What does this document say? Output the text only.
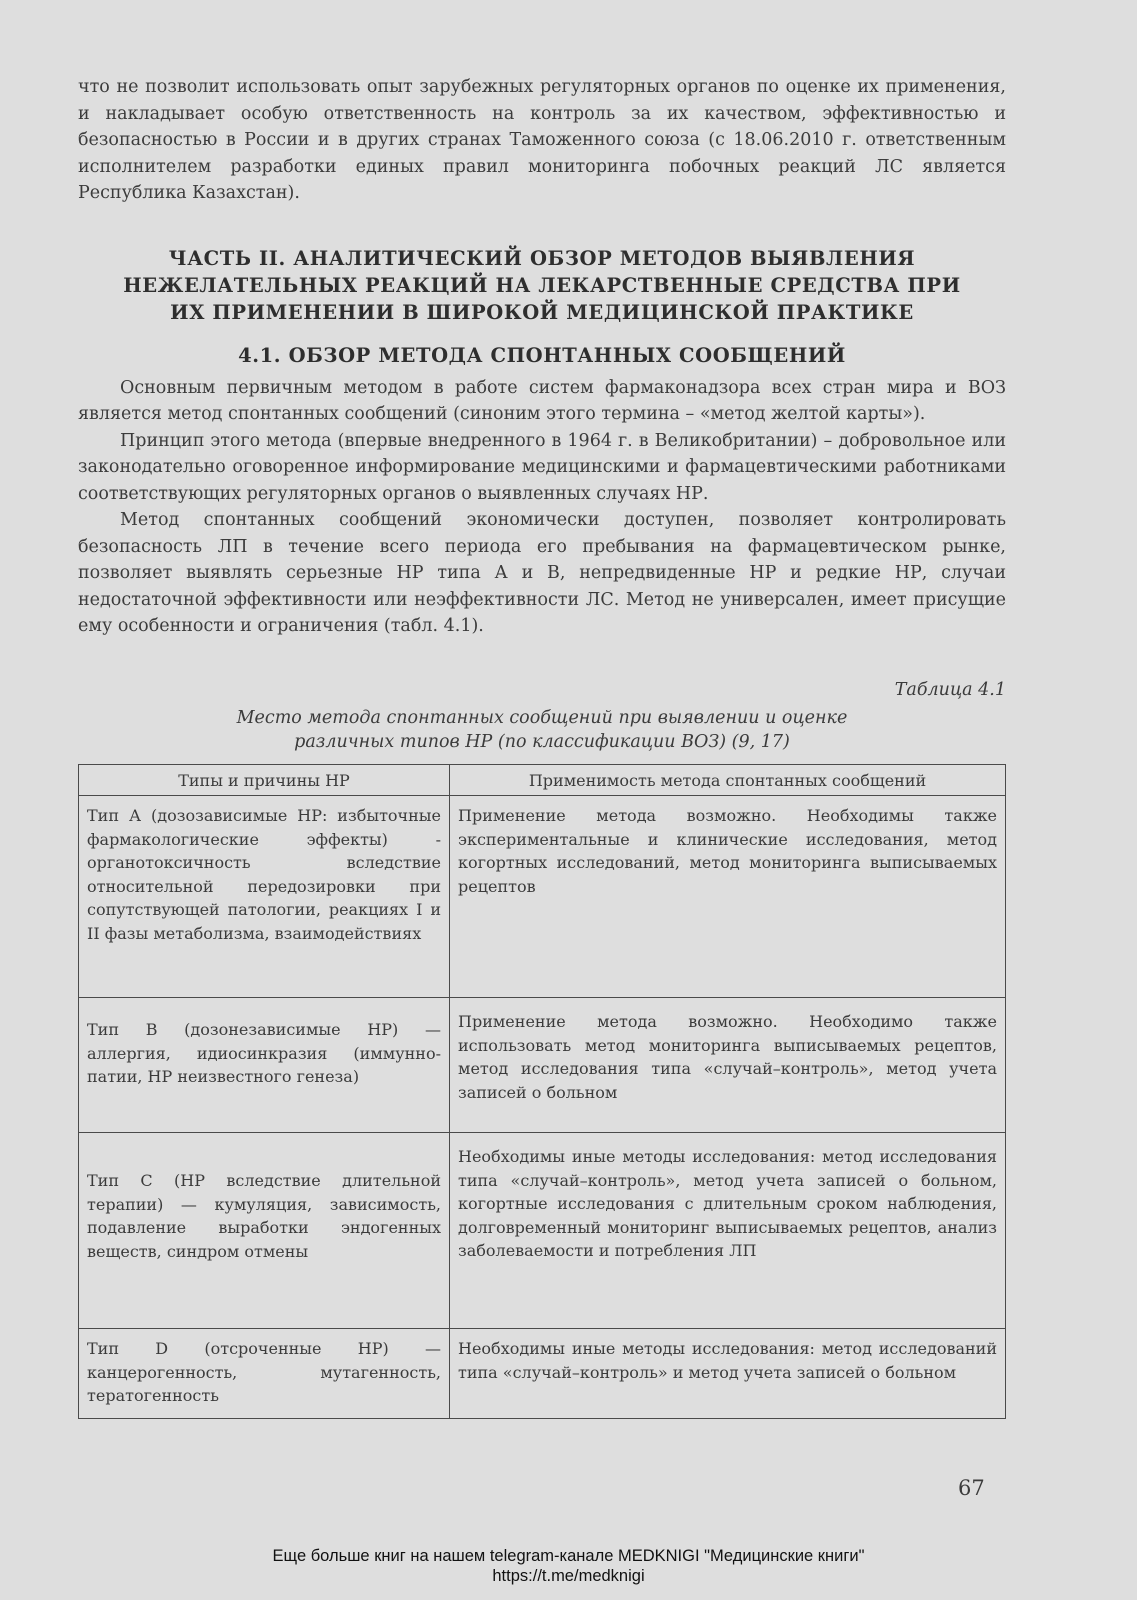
что не позволит использовать опыт зарубежных регуляторных органов по оценке их применения, и накладывает особую ответственность на контроль за их качеством, эффективностью и безопасностью в России и в других странах Таможенного союза (с 18.06.2010 г. ответственным исполнителем разработки единых правил мониторинга побочных реакций ЛС является Республика Казахстан).

ЧАСТЬ II. АНАЛИТИЧЕСКИЙ ОБЗОР МЕТОДОВ ВЫЯВЛЕНИЯ
НЕЖЕЛАТЕЛЬНЫХ РЕАКЦИЙ НА ЛЕКАРСТВЕННЫЕ СРЕДСТВА ПРИ
ИХ ПРИМЕНЕНИИ В ШИРОКОЙ МЕДИЦИНСКОЙ ПРАКТИКЕ
4.1. ОБЗОР МЕТОДА СПОНТАННЫХ СООБЩЕНИЙ

Основным первичным методом в работе систем фармаконадзора всех стран мира и ВОЗ является метод спонтанных сообщений (синоним этого термина – «метод желтой карты»).

Принцип этого метода (впервые внедренного в 1964 г. в Великобритании) – добровольное или законодательно оговоренное информирование медицинскими и фармацевтическими работниками соответствующих регуляторных органов о выявленных случаях НР.

Метод спонтанных сообщений экономически доступен, позволяет контролировать безопасность ЛП в течение всего периода его пребывания на фармацевтическом рынке, позволяет выявлять серьезные НР типа А и В, непредвиденные НР и редкие НР, случаи недостаточной эффективности или неэффективности ЛС. Метод не универсален, имеет присущие ему особенности и ограничения (табл. 4.1).

Таблица 4.1
Место метода спонтанных сообщений при выявлении и оценке
различных типов НР (по классификации ВОЗ) (9, 17)
Типы и причины НР	Применимость метода спонтанных сообщений
Тип А (дозозависимые НР: избыточные фармакологические эффекты) - органотоксичность вследствие относительной передозировки при сопутствующей патологии, реакциях I и II фазы метаболизма, взаимодействиях	Применение метода возможно. Необходимы также экспериментальные и клинические исследования, метод когортных исследований, метод мониторинга выписываемых рецептов
Тип В (дозонезависимые НР) — аллергия, идиосинкразия (иммунно-патии, НР неизвестного генеза)	Применение метода возможно. Необходимо также использовать метод мониторинга выписываемых рецептов, метод исследования типа «случай–контроль», метод учета записей о больном
Тип С (НР вследствие длительной терапии) — кумуляция, зависимость, подавление выработки эндогенных веществ, синдром отмены	Необходимы иные методы исследования: метод исследования типа «случай–контроль», метод учета записей о больном, когортные исследования с длительным сроком наблюдения, долговременный мониторинг выписываемых рецептов, анализ заболеваемости и потребления ЛП
Тип D (отсроченные НР) — канцерогенность, мутагенность, тератогенность	Необходимы иные методы исследования: метод исследований типа «случай–контроль» и метод учета записей о больном
67
Еще больше книг на нашем telegram-канале MEDKNIGI "Медицинские книги"
https://t.me/medknigi
